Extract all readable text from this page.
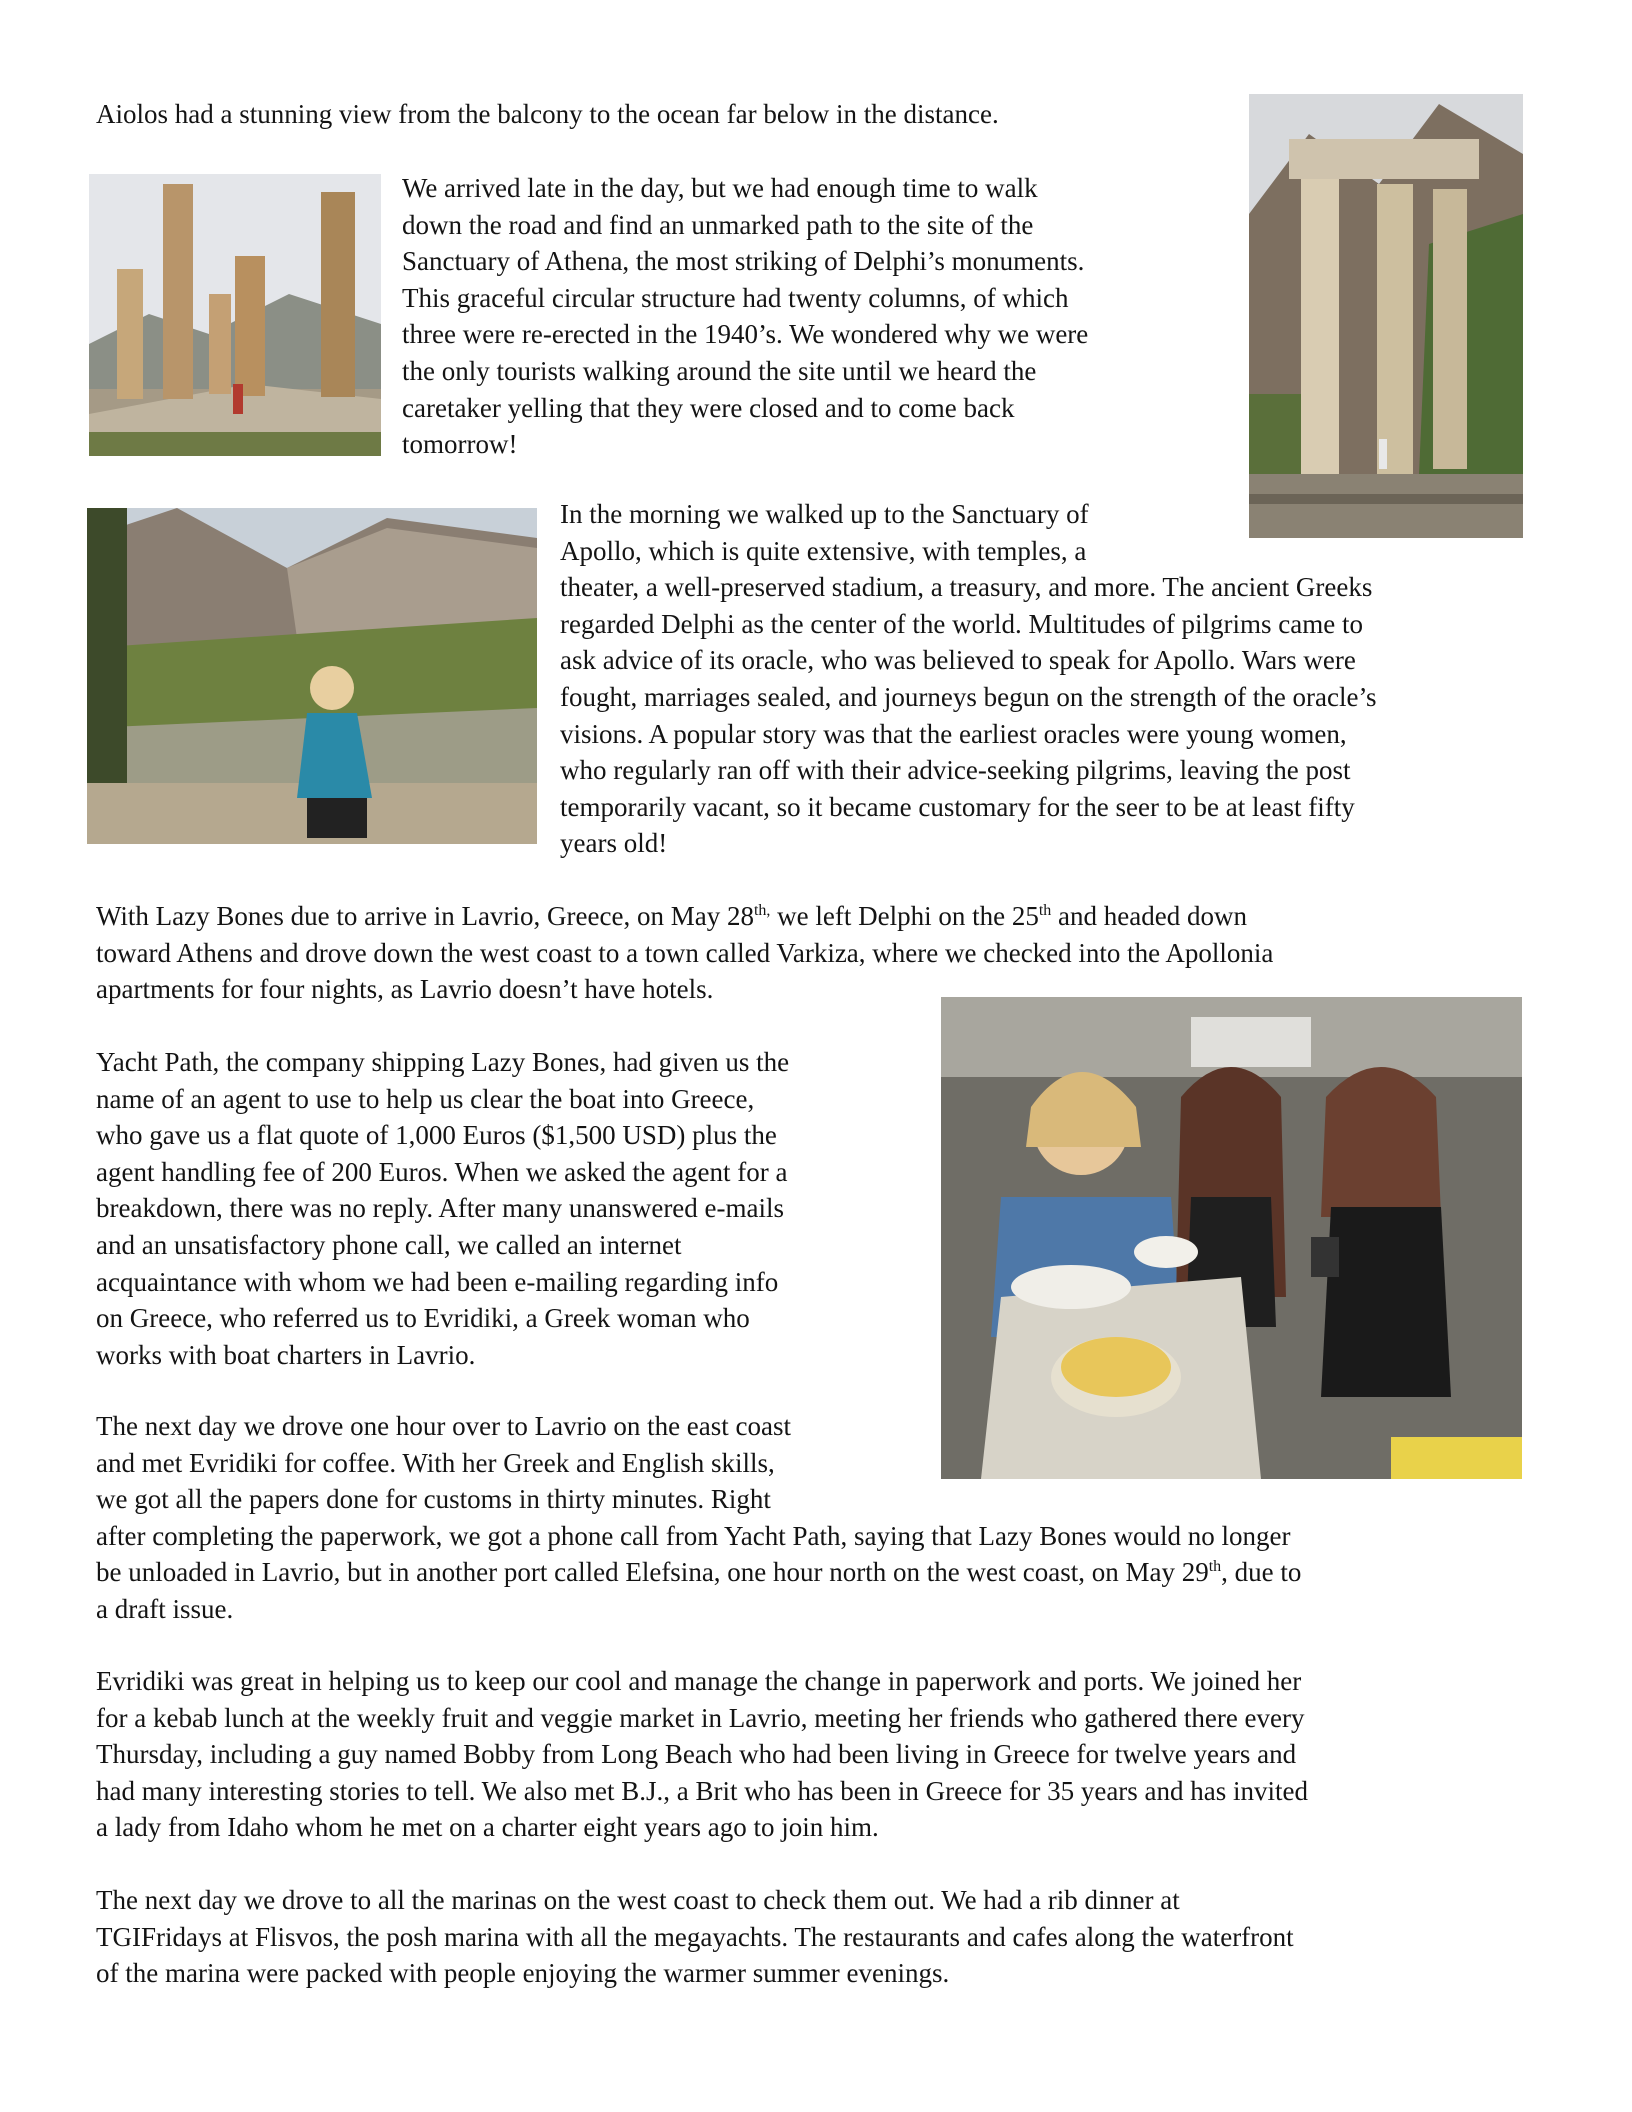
Aiolos had a stunning view from the balcony to the ocean far below in the distance.

We arrived late in the day, but we had enough time to walk
down the road and find an unmarked path to the site of the
Sanctuary of Athena, the most striking of Delphi’s monuments.
This graceful circular structure had twenty columns, of which
three were re-erected in the 1940’s. We wondered why we were
the only tourists walking around the site until we heard the
caretaker yelling that they were closed and to come back
tomorrow!

In the morning we walked up to the Sanctuary of
Apollo, which is quite extensive, with temples, a
theater, a well-preserved stadium, a treasury, and more. The ancient Greeks
regarded Delphi as the center of the world. Multitudes of pilgrims came to
ask advice of its oracle, who was believed to speak for Apollo. Wars were
fought, marriages sealed, and journeys begun on the strength of the oracle’s
visions. A popular story was that the earliest oracles were young women,
who regularly ran off with their advice-seeking pilgrims, leaving the post
temporarily vacant, so it became customary for the seer to be at least fifty
years old!

With Lazy Bones due to arrive in Lavrio, Greece, on May $28^{th,}$ we left Delphi on the 25th and headed down
toward Athens and drove down the west coast to a town called Varkiza, where we checked into the Apollonia
apartments for four nights, as Lavrio doesn’t have hotels.

Yacht Path, the company shipping Lazy Bones, had given us the
name of an agent to use to help us clear the boat into Greece,
who gave us a flat quote of 1,000 Euros ($1,500 USD) plus the
agent handling fee of 200 Euros. When we asked the agent for a
breakdown, there was no reply. After many unanswered e-mails
and an unsatisfactory phone call, we called an internet
acquaintance with whom we had been e-mailing regarding info
on Greece, who referred us to Evridiki, a Greek woman who
works with boat charters in Lavrio.

The next day we drove one hour over to Lavrio on the east coast
and met Evridiki for coffee. With her Greek and English skills,
we got all the papers done for customs in thirty minutes. Right
after completing the paperwork, we got a phone call from Yacht Path, saying that Lazy Bones would no longer
be unloaded in Lavrio, but in another port called Elefsina, one hour north on the west coast, on May 29th, due to
a draft issue.

Evridiki was great in helping us to keep our cool and manage the change in paperwork and ports. We joined her
for a kebab lunch at the weekly fruit and veggie market in Lavrio, meeting her friends who gathered there every
Thursday, including a guy named Bobby from Long Beach who had been living in Greece for twelve years and
had many interesting stories to tell. We also met B.J., a Brit who has been in Greece for 35 years and has invited
a lady from Idaho whom he met on a charter eight years ago to join him.

The next day we drove to all the marinas on the west coast to check them out. We had a rib dinner at
TGIFridays at Flisvos, the posh marina with all the megayachts. The restaurants and cafes along the waterfront
of the marina were packed with people enjoying the warmer summer evenings.
